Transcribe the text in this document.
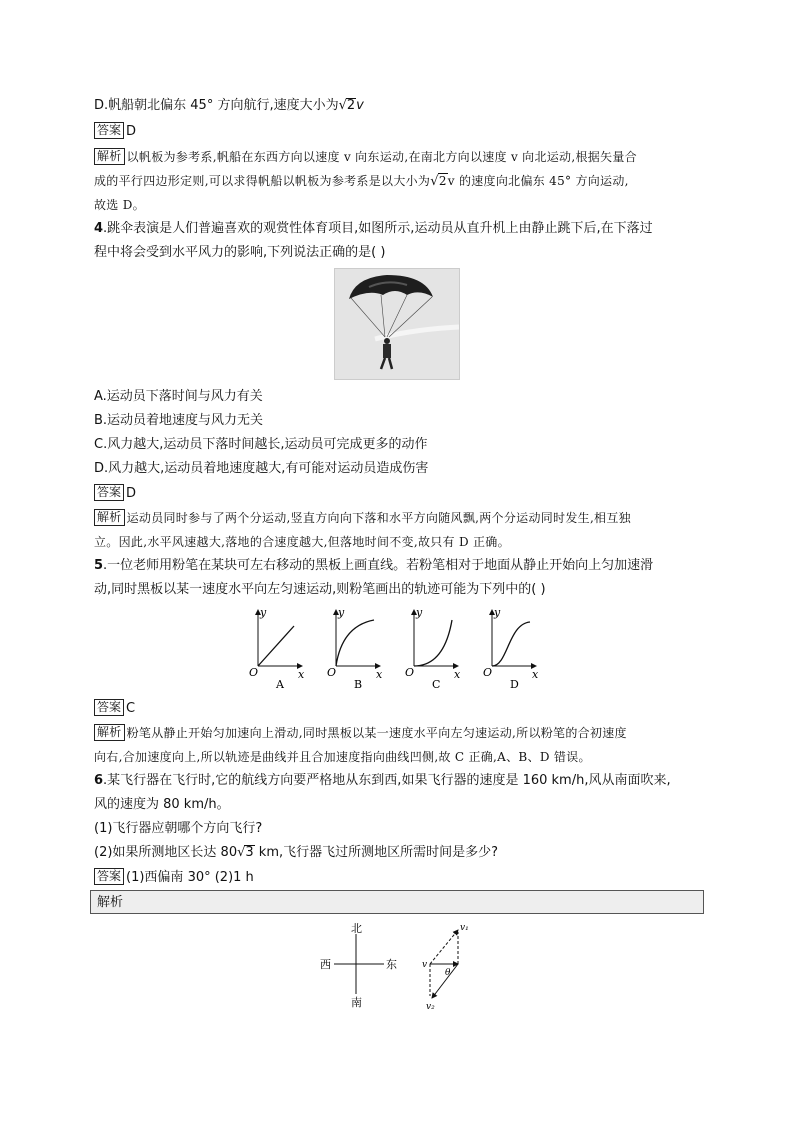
D.帆船朝北偏东 45° 方向航行,速度大小为√2v
答案 D
解析 以帆板为参考系,帆船在东西方向以速度 v 向东运动,在南北方向以速度 v 向北运动,根据矢量合
成的平行四边形定则,可以求得帆船以帆板为参考系是以大小为√2v 的速度向北偏东 45° 方向运动,
故选 D。
4.跳伞表演是人们普遍喜欢的观赏性体育项目,如图所示,运动员从直升机上由静止跳下后,在下落过
程中将会受到水平风力的影响,下列说法正确的是( )
A.运动员下落时间与风力有关
B.运动员着地速度与风力无关
C.风力越大,运动员下落时间越长,运动员可完成更多的动作
D.风力越大,运动员着地速度越大,有可能对运动员造成伤害
答案 D
解析 运动员同时参与了两个分运动,竖直方向向下落和水平方向随风飘,两个分运动同时发生,相互独
立。因此,水平风速越大,落地的合速度越大,但落地时间不变,故只有 D 正确。
5.一位老师用粉笔在某块可左右移动的黑板上画直线。若粉笔相对于地面从静止开始向上匀加速滑
动,同时黑板以某一速度水平向左匀速运动,则粉笔画出的轨迹可能为下列中的( )
y
x
O
A
y
x
O
B
y
x
O
C
y
x
O
D
答案 C
解析 粉笔从静止开始匀加速向上滑动,同时黑板以某一速度水平向左匀速运动,所以粉笔的合初速度
向右,合加速度向上,所以轨迹是曲线并且合加速度指向曲线凹侧,故 C 正确,A、B、D 错误。
6.某飞行器在飞行时,它的航线方向要严格地从东到西,如果飞行器的速度是 160 km/h,风从南面吹来,
风的速度为 80 km/h。
(1)飞行器应朝哪个方向飞行?
(2)如果所测地区长达 80√3 km,飞行器飞过所测地区所需时间是多少?
答案 (1)西偏南 30° (2)1 h
解析
北
南
东
西	v
v₁
v₂
θ
